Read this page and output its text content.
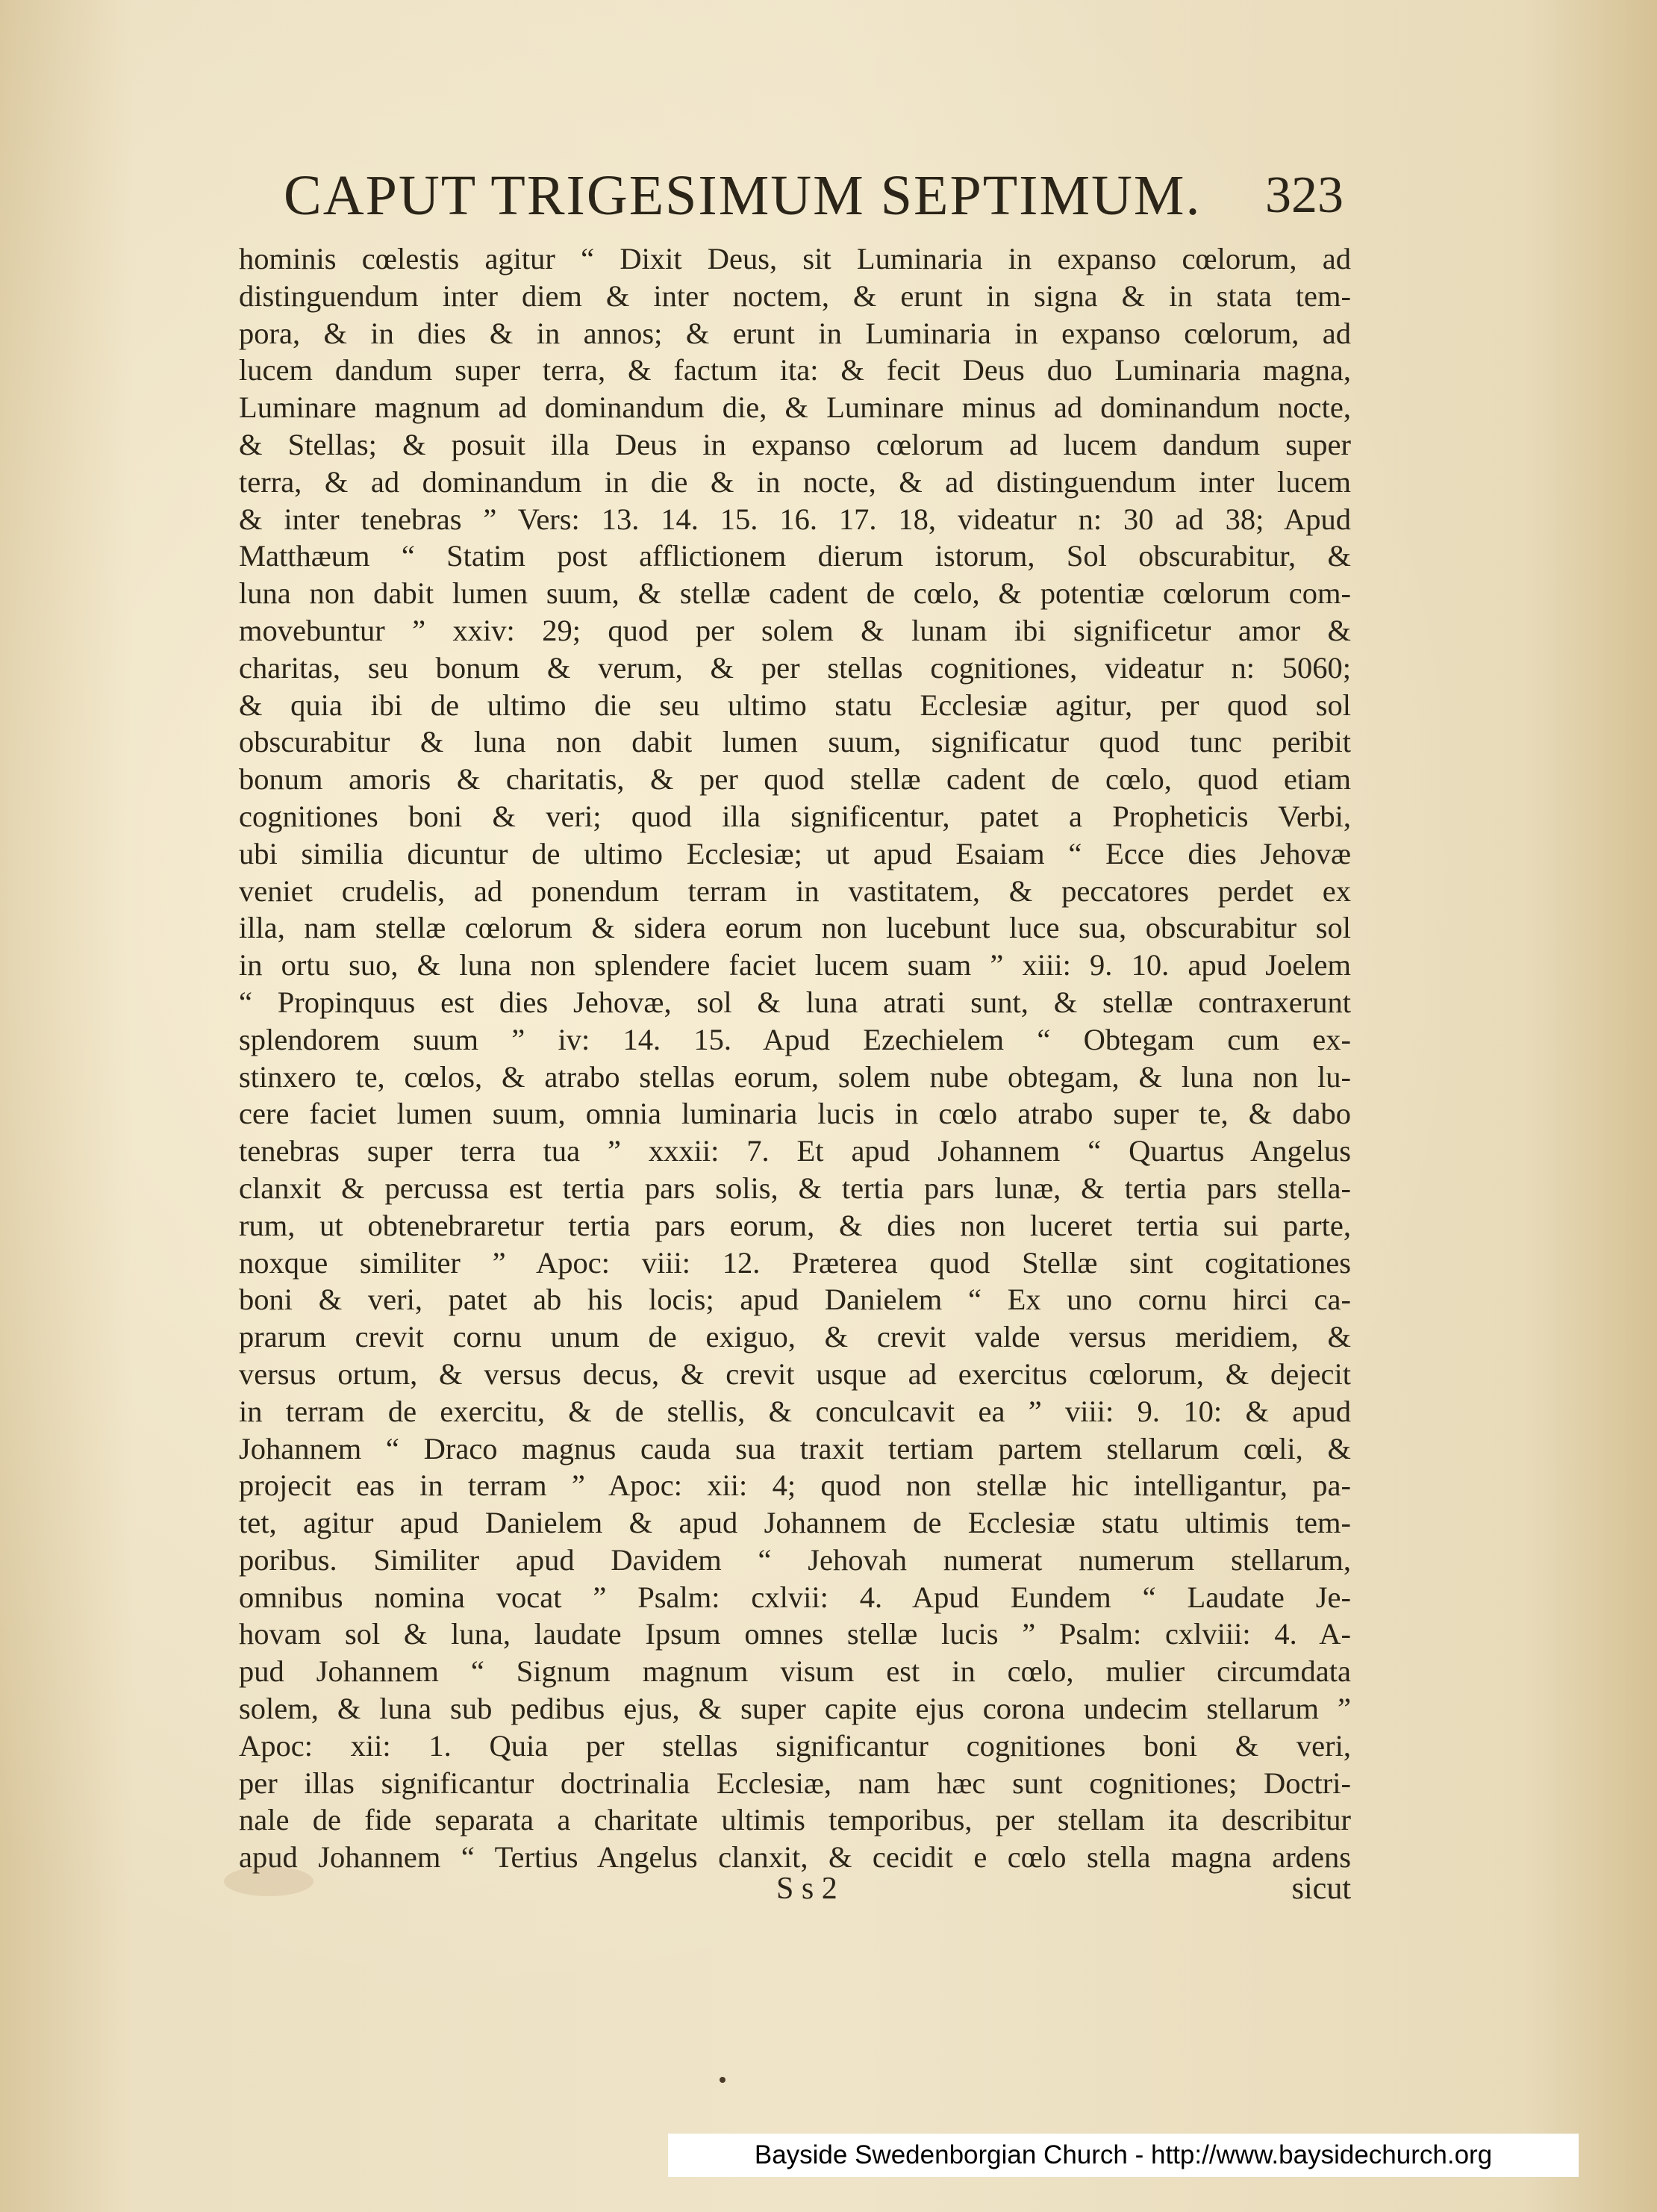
CAPUT TRIGESIMUM SEPTIMUM. 323
hominis cœlestis agitur “ Dixit Deus, sit Luminaria in expanso cœlorum, ad
distinguendum inter diem & inter noctem, & erunt in signa & in stata tem-
pora, & in dies & in annos; & erunt in Luminaria in expanso cœlorum, ad
lucem dandum super terra, & factum ita: & fecit Deus duo Luminaria magna,
Luminare magnum ad dominandum die, & Luminare minus ad dominandum nocte,
& Stellas; & posuit illa Deus in expanso cœlorum ad lucem dandum super
terra, & ad dominandum in die & in nocte, & ad distinguendum inter lucem
& inter tenebras ” Vers: 13. 14. 15. 16. 17. 18, videatur n: 30 ad 38; Apud
Matthæum “ Statim post afflictionem dierum istorum, Sol obscurabitur, &
luna non dabit lumen suum, & stellæ cadent de cœlo, & potentiæ cœlorum com-
movebuntur ” xxiv: 29; quod per solem & lunam ibi significetur amor &
charitas, seu bonum & verum, & per stellas cognitiones, videatur n: 5060;
& quia ibi de ultimo die seu ultimo statu Ecclesiæ agitur, per quod sol
obscurabitur & luna non dabit lumen suum, significatur quod tunc peribit
bonum amoris & charitatis, & per quod stellæ cadent de cœlo, quod etiam
cognitiones boni & veri; quod illa significentur, patet a Propheticis Verbi,
ubi similia dicuntur de ultimo Ecclesiæ; ut apud Esaiam “ Ecce dies Jehovæ
veniet crudelis, ad ponendum terram in vastitatem, & peccatores perdet ex
illa, nam stellæ cœlorum & sidera eorum non lucebunt luce sua, obscurabitur sol
in ortu suo, & luna non splendere faciet lucem suam ” xiii: 9. 10. apud Joelem
“ Propinquus est dies Jehovæ, sol & luna atrati sunt, & stellæ contraxerunt
splendorem suum ” iv: 14. 15. Apud Ezechielem “ Obtegam cum ex-
stinxero te, cœlos, & atrabo stellas eorum, solem nube obtegam, & luna non lu-
cere faciet lumen suum, omnia luminaria lucis in cœlo atrabo super te, & dabo
tenebras super terra tua ” xxxii: 7. Et apud Johannem “ Quartus Angelus
clanxit & percussa est tertia pars solis, & tertia pars lunæ, & tertia pars stella-
rum, ut obtenebraretur tertia pars eorum, & dies non luceret tertia sui parte,
noxque similiter ” Apoc: viii: 12. Præterea quod Stellæ sint cogitationes
boni & veri, patet ab his locis; apud Danielem “ Ex uno cornu hirci ca-
prarum crevit cornu unum de exiguo, & crevit valde versus meridiem, &
versus ortum, & versus decus, & crevit usque ad exercitus cœlorum, & dejecit
in terram de exercitu, & de stellis, & conculcavit ea ” viii: 9. 10: & apud
Johannem “ Draco magnus cauda sua traxit tertiam partem stellarum cœli, &
projecit eas in terram ” Apoc: xii: 4; quod non stellæ hic intelligantur, pa-
tet, agitur apud Danielem & apud Johannem de Ecclesiæ statu ultimis tem-
poribus. Similiter apud Davidem “ Jehovah numerat numerum stellarum,
omnibus nomina vocat ” Psalm: cxlvii: 4. Apud Eundem “ Laudate Je-
hovam sol & luna, laudate Ipsum omnes stellæ lucis ” Psalm: cxlviii: 4. A-
pud Johannem “ Signum magnum visum est in cœlo, mulier circumdata
solem, & luna sub pedibus ejus, & super capite ejus corona undecim stellarum ”
Apoc: xii: 1. Quia per stellas significantur cognitiones boni & veri,
per illas significantur doctrinalia Ecclesiæ, nam hæc sunt cognitiones; Doctri-
nale de fide separata a charitate ultimis temporibus, per stellam ita describitur
apud Johannem “ Tertius Angelus clanxit, & cecidit e cœlo stella magna ardens
S s 2	sicut
Bayside Swedenborgian Church - http://www.baysidechurch.org
